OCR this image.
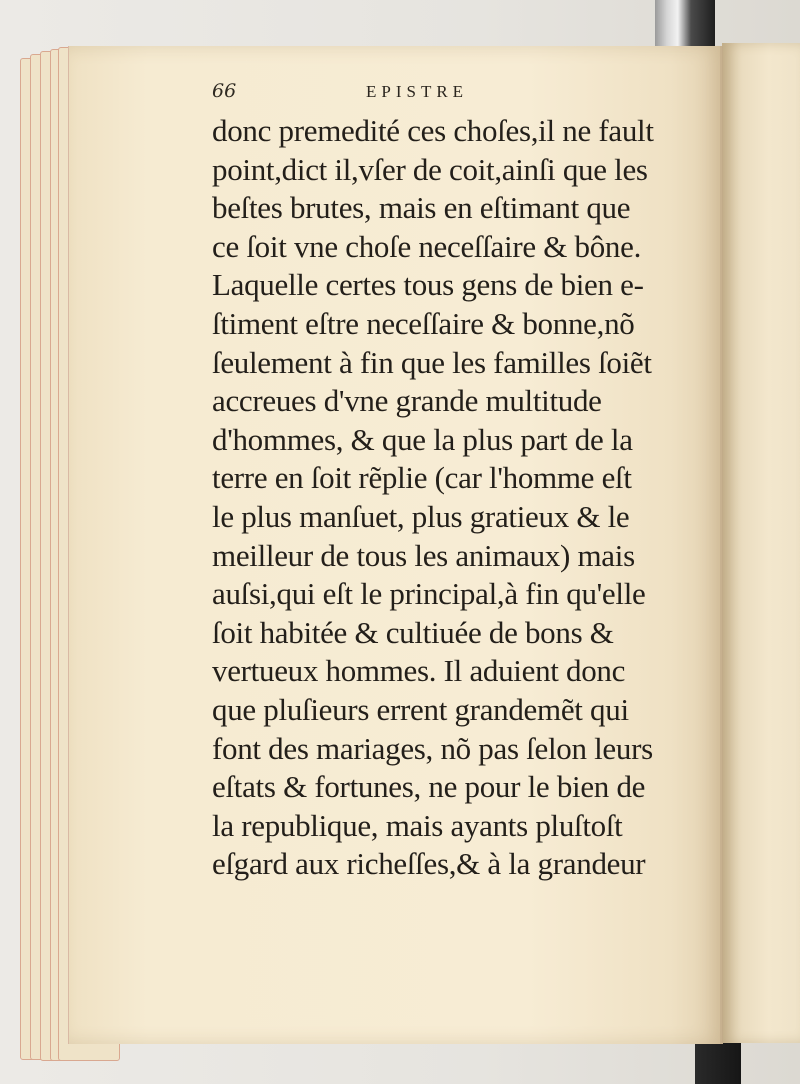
66	EPISTRE
donc premedité ces choſes,il ne fault
point,dict il,vſer de coit,ainſi que les
beſtes brutes, mais en eſtimant que
ce ſoit vne choſe neceſſaire & bône.
Laquelle certes tous gens de bien e-
ſtiment eſtre neceſſaire & bonne,nõ
ſeulement à fin que les familles ſoiẽt
accreues d'vne grande multitude
d'hommes, & que la plus part de la
terre en ſoit rẽplie (car l'homme eſt
le plus manſuet, plus gratieux & le
meilleur de tous les animaux) mais
auſsi,qui eſt le principal,à fin qu'elle
ſoit habitée & cultiuée de bons &
vertueux hommes. Il aduient donc
que pluſieurs errent grandemẽt qui
font des mariages, nõ pas ſelon leurs
eſtats & fortunes, ne pour le bien de
la republique, mais ayants pluſtoſt
eſgard aux richeſſes,& à la grandeur
